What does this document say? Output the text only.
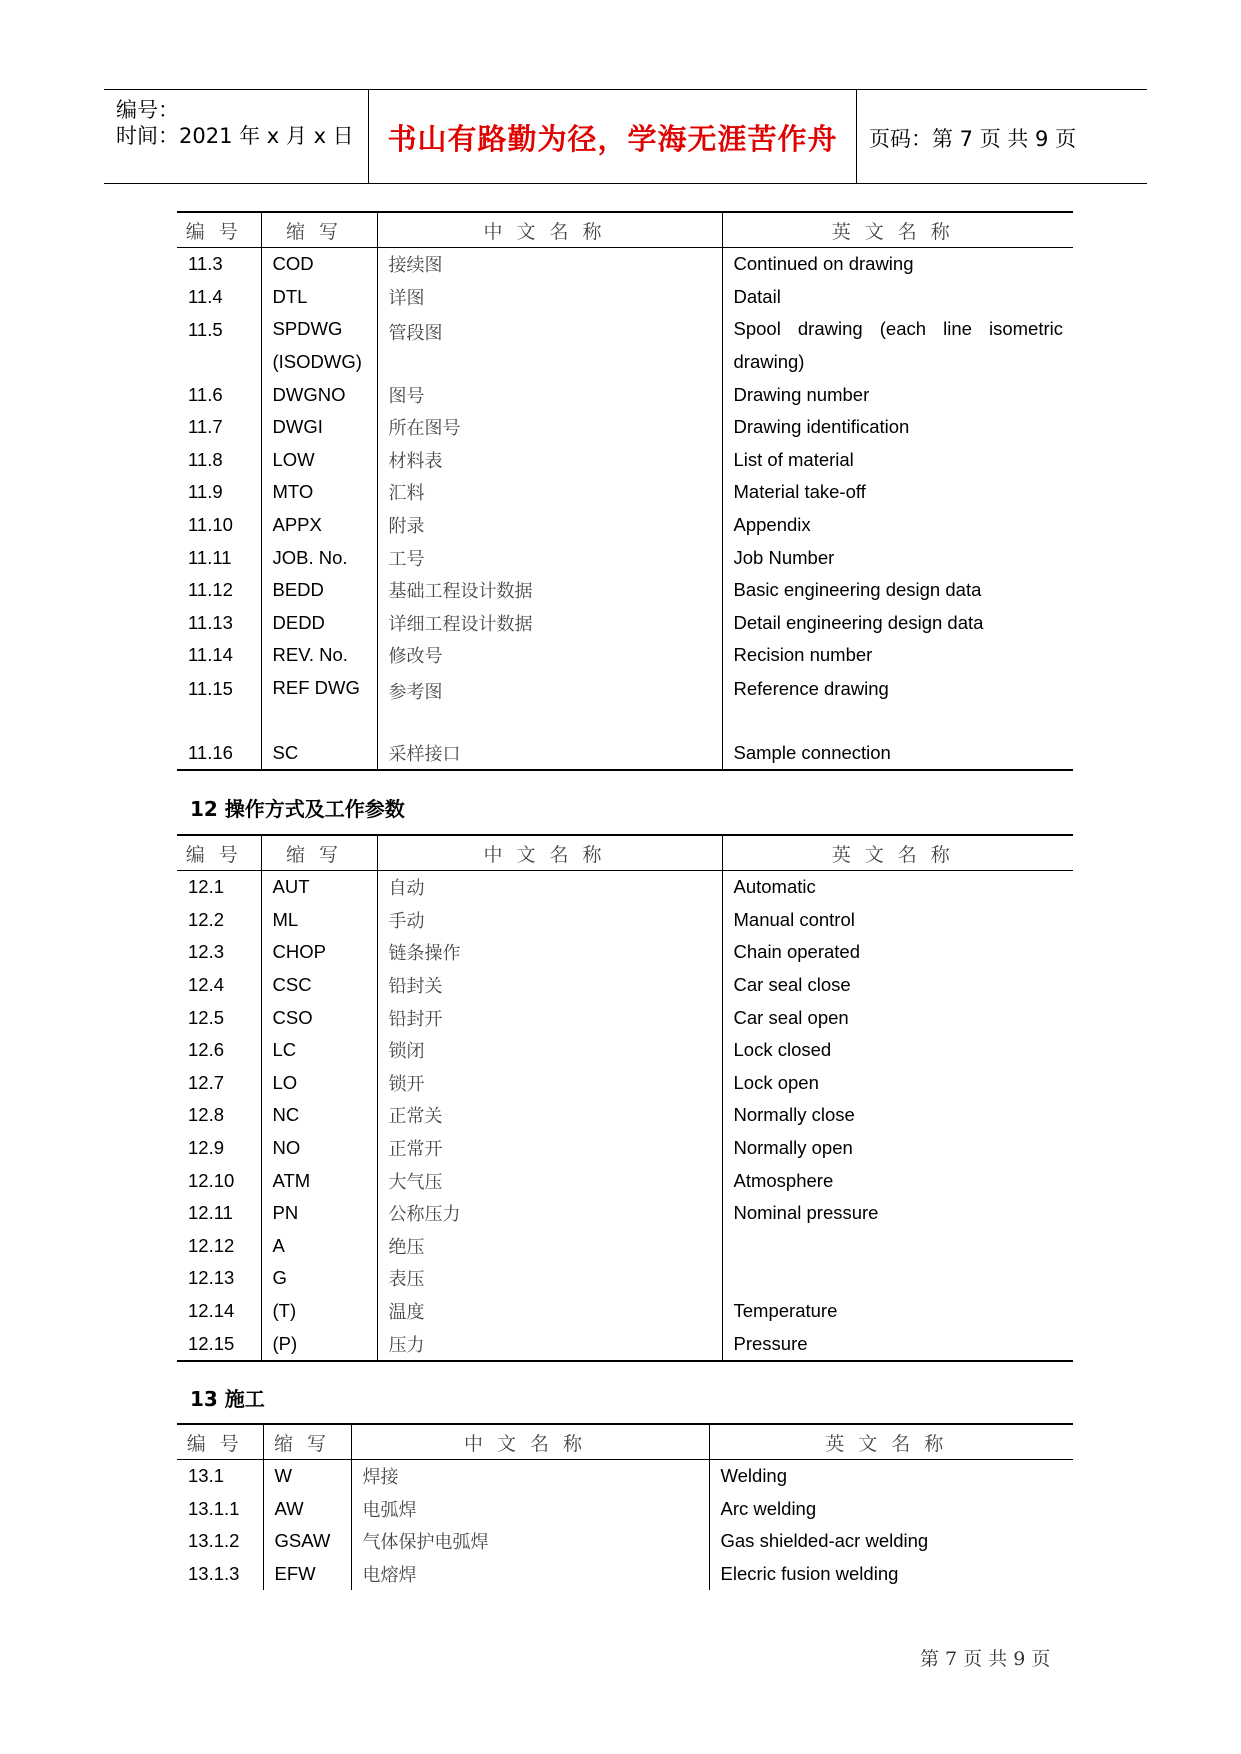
编号：
时间：2021 年 x 月 x 日	书山有路勤为径，学海无涯苦作舟	页码：第 7 页 共 9 页
编号	缩写	中文名称	英文名称
11.3	COD	接续图	Continued on drawing
11.4	DTL	详图	Datail
11.5	SPDWG (ISODWG)	管段图	Spool drawing (each line isometric drawing)
11.6	DWGNO	图号	Drawing number
11.7	DWGI	所在图号	Drawing identification
11.8	LOW	材料表	List of material
11.9	MTO	汇料	Material take-off
11.10	APPX	附录	Appendix
11.11	JOB. No.	工号	Job Number
11.12	BEDD	基础工程设计数据	Basic engineering design data
11.13	DEDD	详细工程设计数据	Detail engineering design data
11.14	REV. No.	修改号	Recision number
11.15	REF DWG	参考图	Reference drawing
11.16	SC	采样接口	Sample connection
12 操作方式及工作参数
编号	缩写	中文名称	英文名称
12.1	AUT	自动	Automatic
12.2	ML	手动	Manual control
12.3	CHOP	链条操作	Chain operated
12.4	CSC	铅封关	Car seal close
12.5	CSO	铅封开	Car seal open
12.6	LC	锁闭	Lock closed
12.7	LO	锁开	Lock open
12.8	NC	正常关	Normally close
12.9	NO	正常开	Normally open
12.10	ATM	大气压	Atmosphere
12.11	PN	公称压力	Nominal pressure
12.12	A	绝压	
12.13	G	表压	
12.14	(T)	温度	Temperature
12.15	(P)	压力	Pressure
13 施工
编号	缩写	中文名称	英文名称
13.1	W	焊接	Welding
13.1.1	AW	电弧焊	Arc welding
13.1.2	GSAW	气体保护电弧焊	Gas shielded-acr welding
13.1.3	EFW	电熔焊	Elecric fusion welding
第 7 页 共 9 页
